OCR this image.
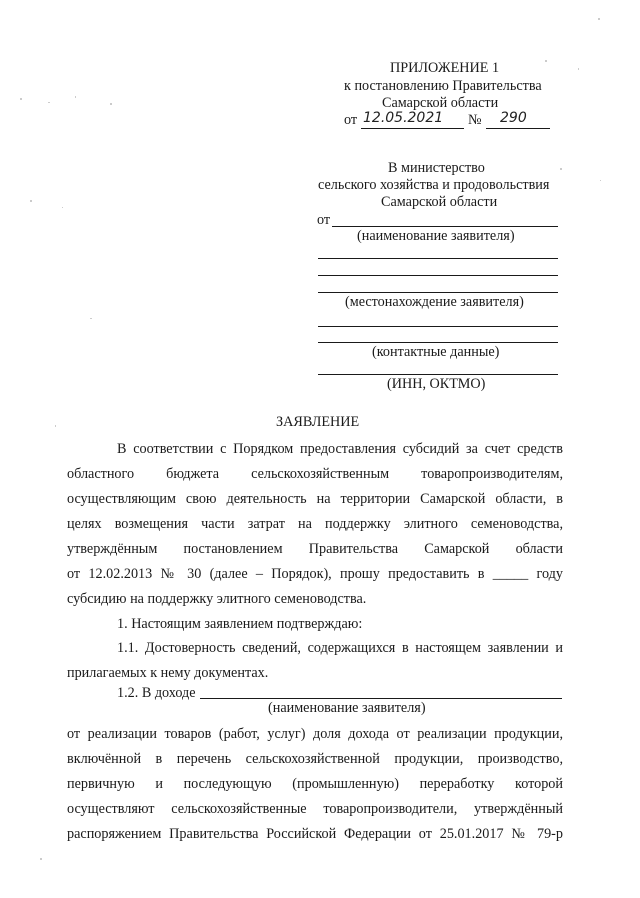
ПРИЛОЖЕНИЕ 1
к постановлению Правительства
Самарской области
от 12.05.2021 № 290
В министерство
сельского хозяйства и продовольствия
Самарской области
от
(наименование заявителя)
(местонахождение заявителя)
(контактные данные)
(ИНН, ОКТМО)
ЗАЯВЛЕНИЕ
В соответствии с Порядком предоставления субсидий за счет средств
областного бюджета сельскохозяйственным товаропроизводителям,
осуществляющим свою деятельность на территории Самарской области, в
целях возмещения части затрат на поддержку элитного семеноводства,
утверждённым постановлением Правительства Самарской области
от 12.02.2013 № 30 (далее – Порядок), прошу предоставить в _____ году
субсидию на поддержку элитного семеноводства.
1. Настоящим заявлением подтверждаю:
1.1. Достоверность сведений, содержащихся в настоящем заявлении и
прилагаемых к нему документах.
1.2. В доходе
(наименование заявителя)
от реализации товаров (работ, услуг) доля дохода от реализации продукции,
включённой в перечень сельскохозяйственной продукции, производство,
первичную и последующую (промышленную) переработку которой
осуществляют сельскохозяйственные товаропроизводители, утверждённый
распоряжением Правительства Российской Федерации от 25.01.2017 № 79-р
